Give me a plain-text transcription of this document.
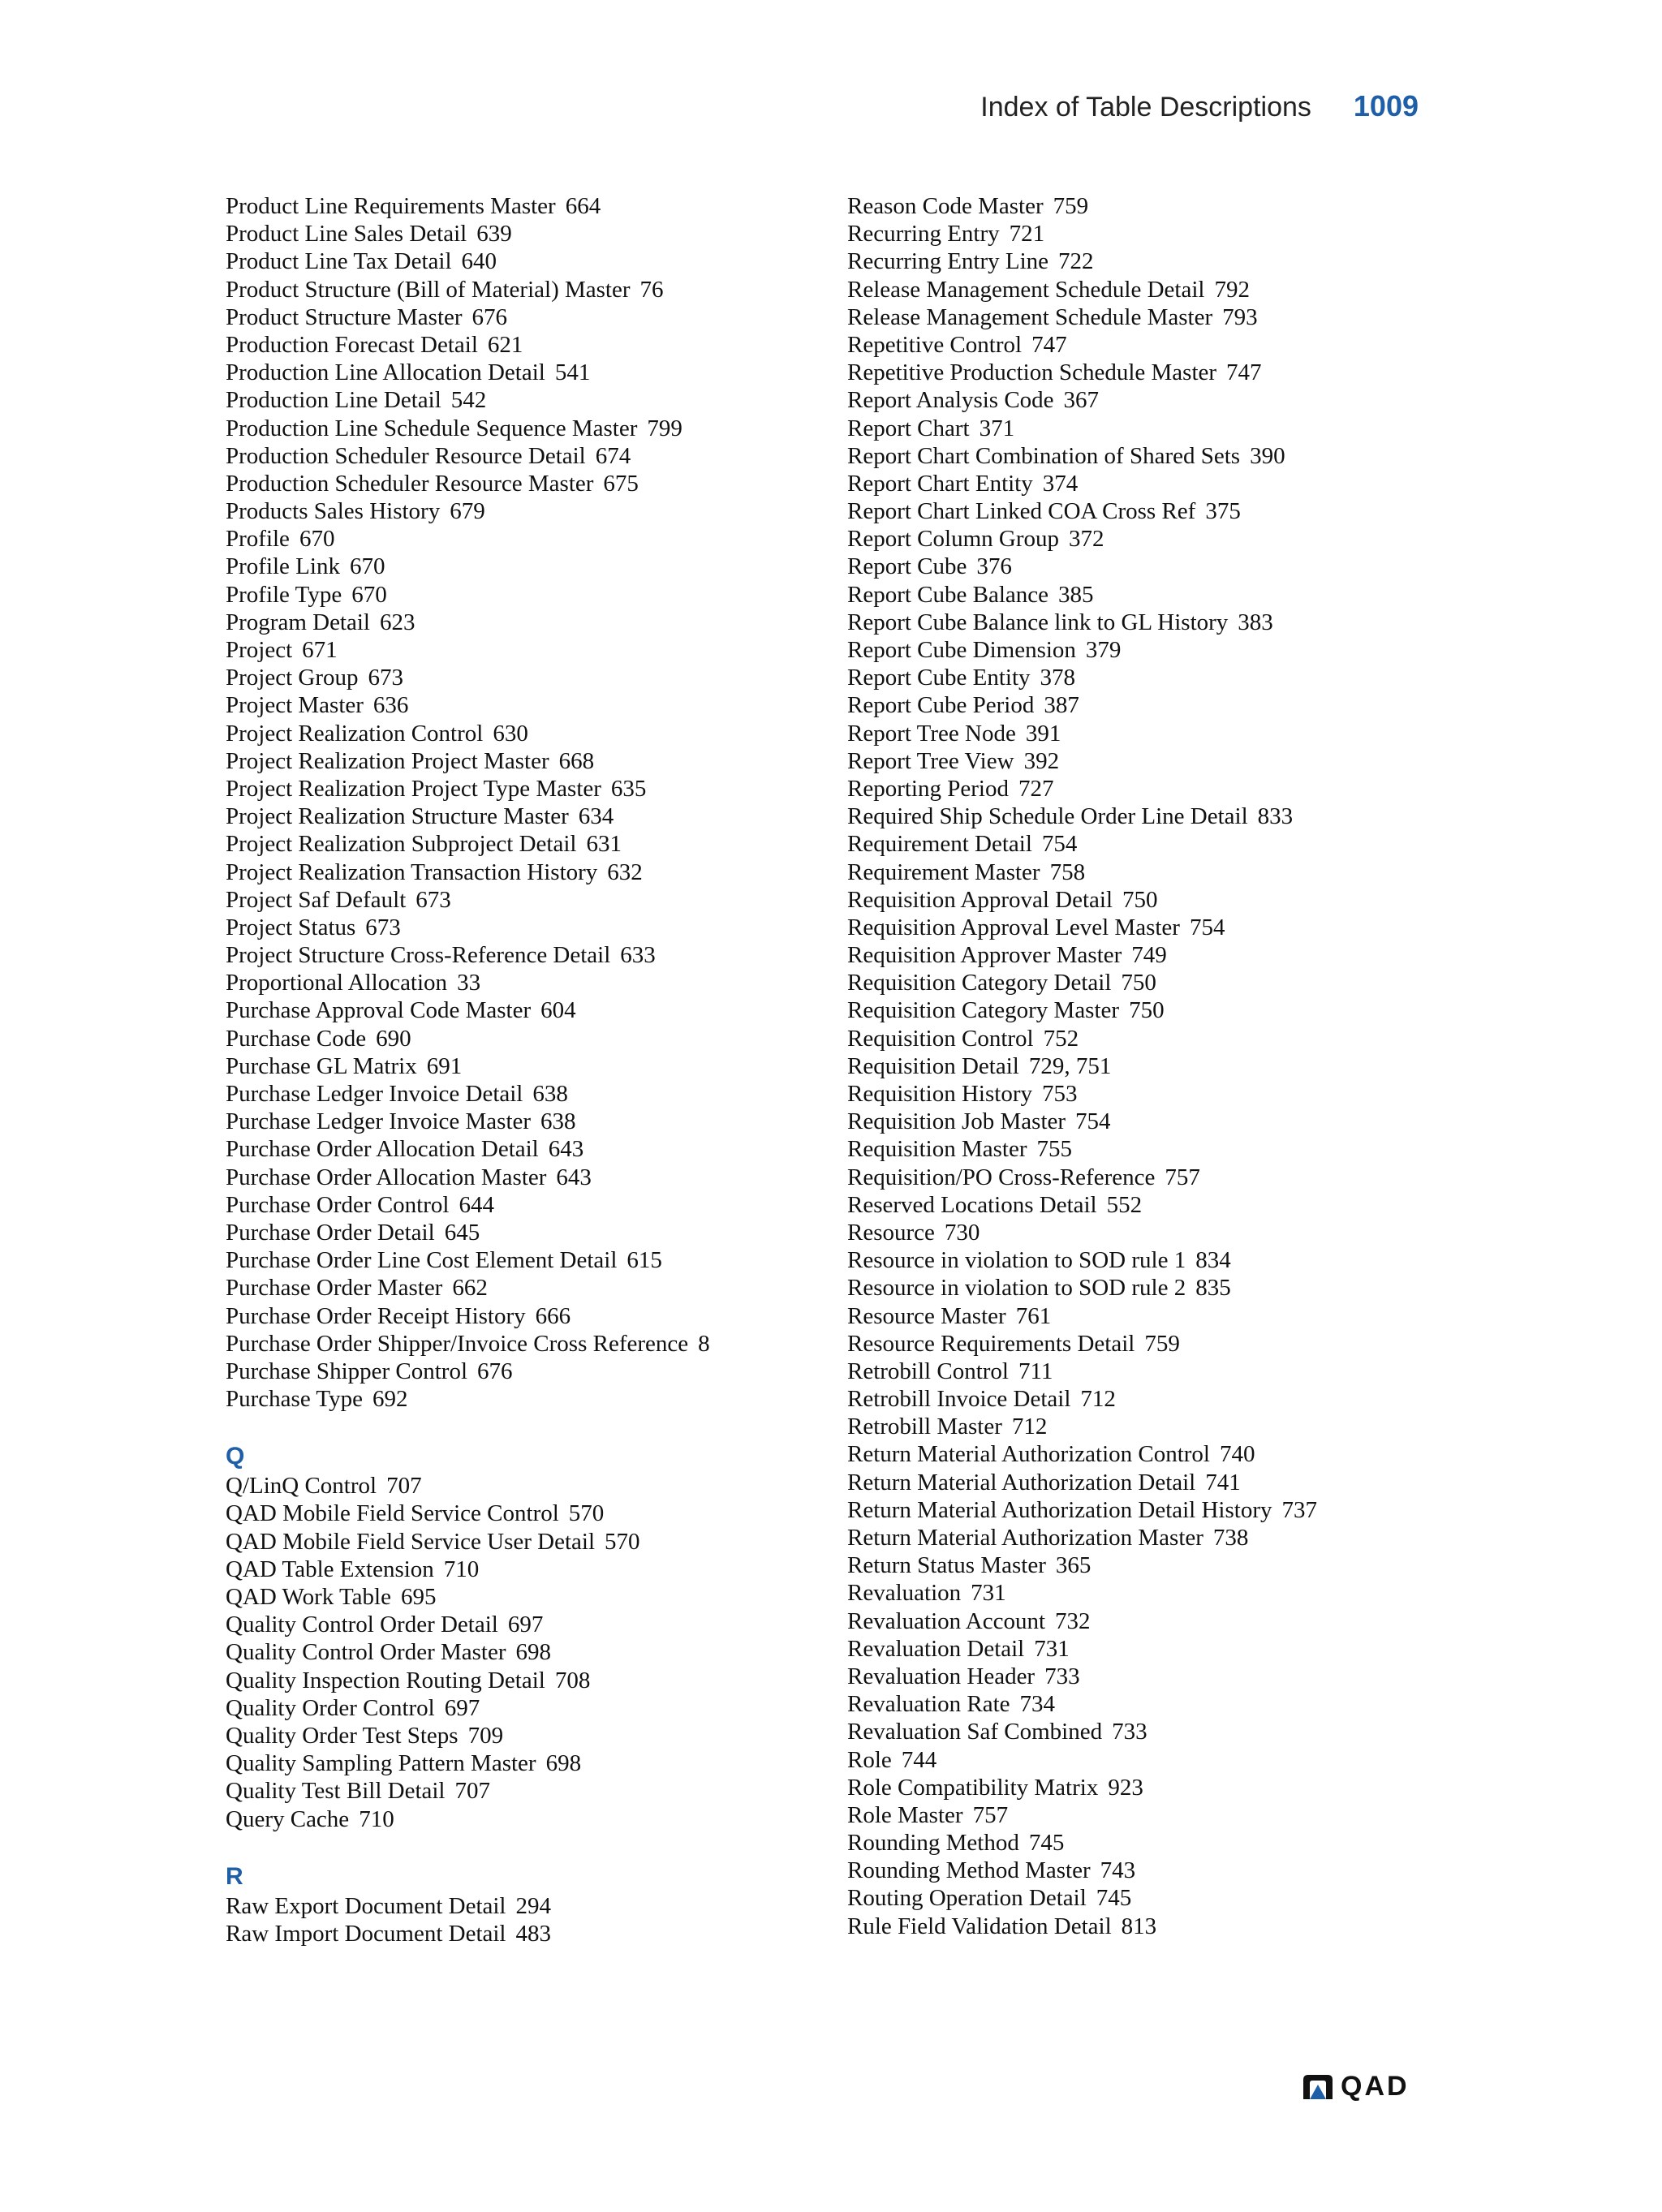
Index of Table Descriptions 1009
Product Line Requirements Master 664
Product Line Sales Detail 639
Product Line Tax Detail 640
Product Structure (Bill of Material) Master 76
Product Structure Master 676
Production Forecast Detail 621
Production Line Allocation Detail 541
Production Line Detail 542
Production Line Schedule Sequence Master 799
Production Scheduler Resource Detail 674
Production Scheduler Resource Master 675
Products Sales History 679
Profile 670
Profile Link 670
Profile Type 670
Program Detail 623
Project 671
Project Group 673
Project Master 636
Project Realization Control 630
Project Realization Project Master 668
Project Realization Project Type Master 635
Project Realization Structure Master 634
Project Realization Subproject Detail 631
Project Realization Transaction History 632
Project Saf Default 673
Project Status 673
Project Structure Cross-Reference Detail 633
Proportional Allocation 33
Purchase Approval Code Master 604
Purchase Code 690
Purchase GL Matrix 691
Purchase Ledger Invoice Detail 638
Purchase Ledger Invoice Master 638
Purchase Order Allocation Detail 643
Purchase Order Allocation Master 643
Purchase Order Control 644
Purchase Order Detail 645
Purchase Order Line Cost Element Detail 615
Purchase Order Master 662
Purchase Order Receipt History 666
Purchase Order Shipper/Invoice Cross Reference 8
Purchase Shipper Control 676
Purchase Type 692
Q
Q/LinQ Control 707
QAD Mobile Field Service Control 570
QAD Mobile Field Service User Detail 570
QAD Table Extension 710
QAD Work Table 695
Quality Control Order Detail 697
Quality Control Order Master 698
Quality Inspection Routing Detail 708
Quality Order Control 697
Quality Order Test Steps 709
Quality Sampling Pattern Master 698
Quality Test Bill Detail 707
Query Cache 710
R
Raw Export Document Detail 294
Raw Import Document Detail 483
Reason Code Master 759
Recurring Entry 721
Recurring Entry Line 722
Release Management Schedule Detail 792
Release Management Schedule Master 793
Repetitive Control 747
Repetitive Production Schedule Master 747
Report Analysis Code 367
Report Chart 371
Report Chart Combination of Shared Sets 390
Report Chart Entity 374
Report Chart Linked COA Cross Ref 375
Report Column Group 372
Report Cube 376
Report Cube Balance 385
Report Cube Balance link to GL History 383
Report Cube Dimension 379
Report Cube Entity 378
Report Cube Period 387
Report Tree Node 391
Report Tree View 392
Reporting Period 727
Required Ship Schedule Order Line Detail 833
Requirement Detail 754
Requirement Master 758
Requisition Approval Detail 750
Requisition Approval Level Master 754
Requisition Approver Master 749
Requisition Category Detail 750
Requisition Category Master 750
Requisition Control 752
Requisition Detail 729, 751
Requisition History 753
Requisition Job Master 754
Requisition Master 755
Requisition/PO Cross-Reference 757
Reserved Locations Detail 552
Resource 730
Resource in violation to SOD rule 1 834
Resource in violation to SOD rule 2 835
Resource Master 761
Resource Requirements Detail 759
Retrobill Control 711
Retrobill Invoice Detail 712
Retrobill Master 712
Return Material Authorization Control 740
Return Material Authorization Detail 741
Return Material Authorization Detail History 737
Return Material Authorization Master 738
Return Status Master 365
Revaluation 731
Revaluation Account 732
Revaluation Detail 731
Revaluation Header 733
Revaluation Rate 734
Revaluation Saf Combined 733
Role 744
Role Compatibility Matrix 923
Role Master 757
Rounding Method 745
Rounding Method Master 743
Routing Operation Detail 745
Rule Field Validation Detail 813
QAD
